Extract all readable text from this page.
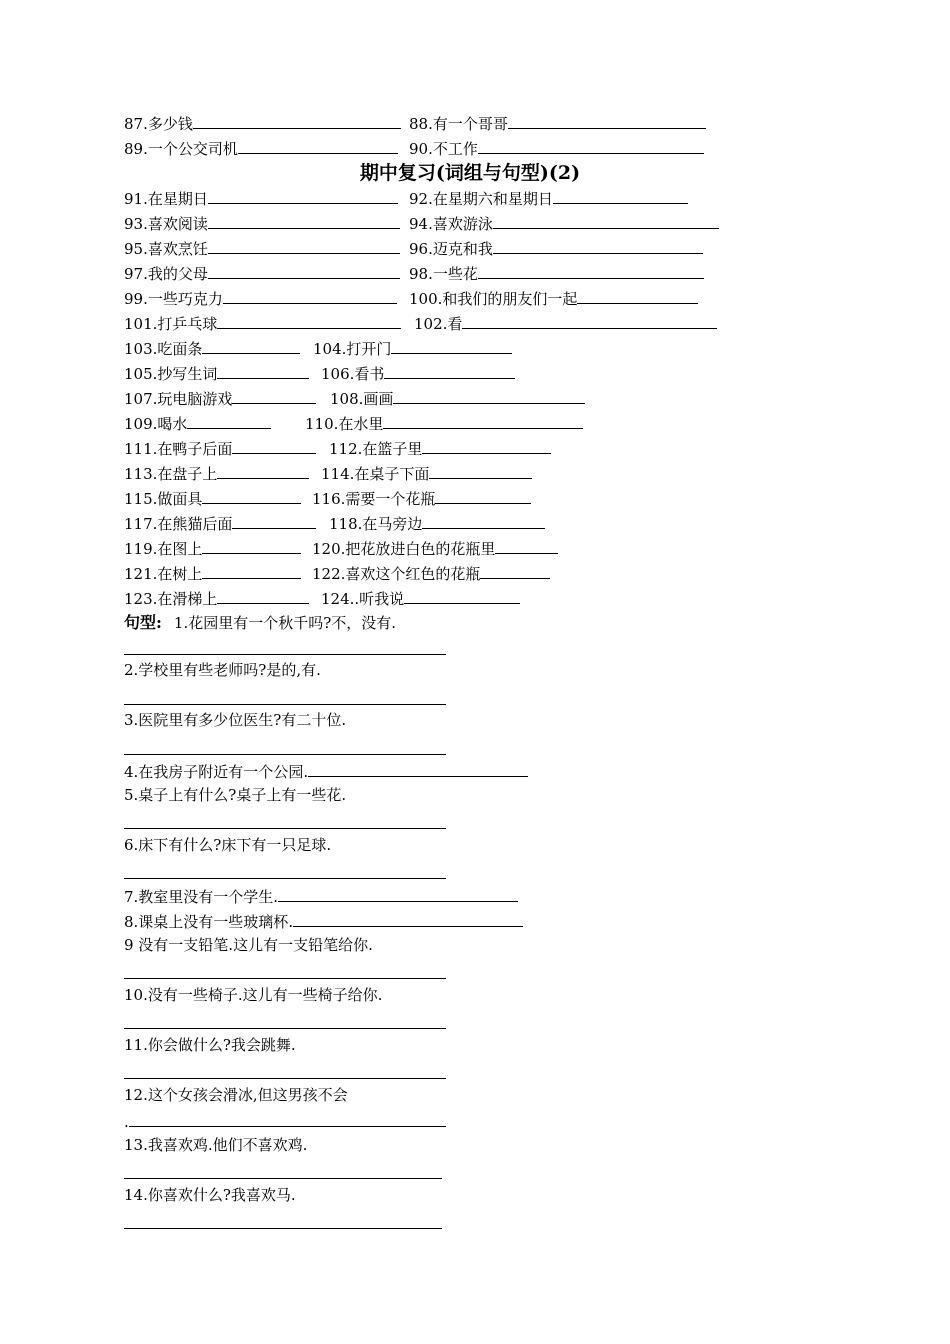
期中复习(词组与句型)(2)
87.多少钱	88.有一个哥哥
89.一个公交司机	90.不工作
91.在星期日	92.在星期六和星期日
93.喜欢阅读	94.喜欢游泳
95.喜欢烹饪	96.迈克和我
97.我的父母	98.一些花
99.一些巧克力	100.和我们的朋友们一起
101.打乒乓球	102.看
103.吃面条	104.打开门
105.抄写生词	106.看书
107.玩电脑游戏	108.画画
109.喝水	110.在水里
111.在鸭子后面	112.在篮子里
113.在盘子上	114.在桌子下面
115.做面具	116.需要一个花瓶
117.在熊猫后面	118.在马旁边
119.在图上	120.把花放进白色的花瓶里
121.在树上	122.喜欢这个红色的花瓶
123.在滑梯上	124..听我说
句型: 1.花园里有一个秋千吗?不，没有.
2.学校里有些老师吗?是的,有.
3.医院里有多少位医生?有二十位.
4.在我房子附近有一个公园.
5.桌子上有什么?桌子上有一些花.
6.床下有什么?床下有一只足球.
7.教室里没有一个学生.
8.课桌上没有一些玻璃杯.
9 没有一支铅笔.这儿有一支铅笔给你.
10.没有一些椅子.这儿有一些椅子给你.
11.你会做什么?我会跳舞.
12.这个女孩会滑冰,但这男孩不会
13.我喜欢鸡.他们不喜欢鸡.
14.你喜欢什么?我喜欢马.
.
